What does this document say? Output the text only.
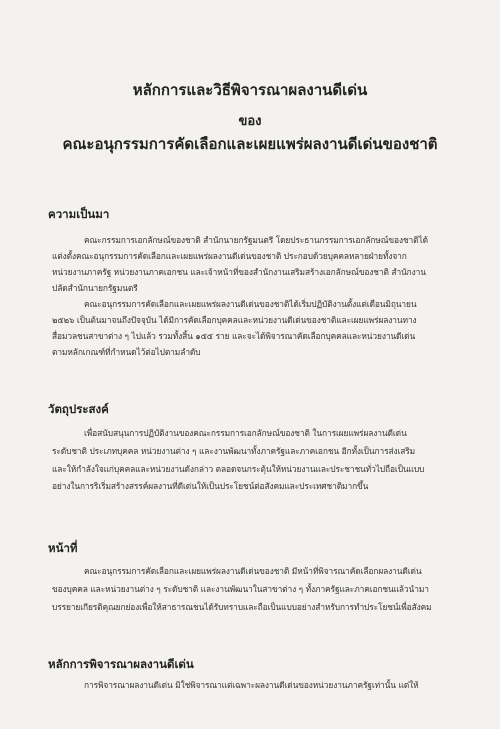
หลักการและวิธีพิจารณาผลงานดีเด่น
ของ
คณะอนุกรรมการคัดเลือกและเผยแพร่ผลงานดีเด่นของชาติ
ความเป็นมา
คณะกรรมการเอกลักษณ์ของชาติ สำนักนายกรัฐมนตรี โดยประธานกรรมการเอกลักษณ์ของชาติได้
แต่งตั้งคณะอนุกรรมการคัดเลือกและเผยแพร่ผลงานดีเด่นของชาติ ประกอบด้วยบุคคลหลายฝ่ายทั้งจาก
หน่วยงานภาครัฐ หน่วยงานภาคเอกชน และเจ้าหน้าที่ของสำนักงานเสริมสร้างเอกลักษณ์ของชาติ สำนักงาน
ปลัดสำนักนายกรัฐมนตรี
คณะอนุกรรมการคัดเลือกและเผยแพร่ผลงานดีเด่นของชาติได้เริ่มปฏิบัติงานตั้งแต่เดือนมิถุนายน
๒๕๒๖ เป็นต้นมาจนถึงปัจจุบัน ได้มีการคัดเลือกบุคคลและหน่วยงานดีเด่นของชาติและเผยแพร่ผลงานทาง
สื่อมวลชนสาขาต่าง ๆ ไปแล้ว รวมทั้งสิ้น ๑๕๕ ราย และจะได้พิจารณาคัดเลือกบุคคลและหน่วยงานดีเด่น
ตามหลักเกณฑ์ที่กำหนดไว้ต่อไปตามลำดับ
วัตถุประสงค์
เพื่อสนับสนุนการปฏิบัติงานของคณะกรรมการเอกลักษณ์ของชาติ ในการเผยแพร่ผลงานดีเด่น
ระดับชาติ ประเภทบุคคล หน่วยงานต่าง ๆ และงานพัฒนาทั้งภาครัฐและภาคเอกชน อีกทั้งเป็นการส่งเสริม
และให้กำลังใจแก่บุคคลและหน่วยงานดังกล่าว ตลอดจนกระตุ้นให้หน่วยงานและประชาชนทั่วไปถือเป็นแบบ
อย่างในการริเริ่มสร้างสรรค์ผลงานที่ดีเด่นให้เป็นประโยชน์ต่อสังคมและประเทศชาติมากขึ้น
หน้าที่
คณะอนุกรรมการคัดเลือกและเผยแพร่ผลงานดีเด่นของชาติ มีหน้าที่พิจารณาคัดเลือกผลงานดีเด่น
ของบุคคล และหน่วยงานต่าง ๆ ระดับชาติ และงานพัฒนาในสาขาต่าง ๆ ทั้งภาครัฐและภาคเอกชนแล้วนำมา
บรรยายเกียรติคุณยกย่องเพื่อให้สาธารณชนได้รับทราบและถือเป็นแบบอย่างสำหรับการทำประโยชน์เพื่อสังคม
หลักการพิจารณาผลงานดีเด่น
การพิจารณาผลงานดีเด่น มิใช่พิจารณาแต่เฉพาะผลงานดีเด่นของหน่วยงานภาครัฐเท่านั้น แต่ให้
